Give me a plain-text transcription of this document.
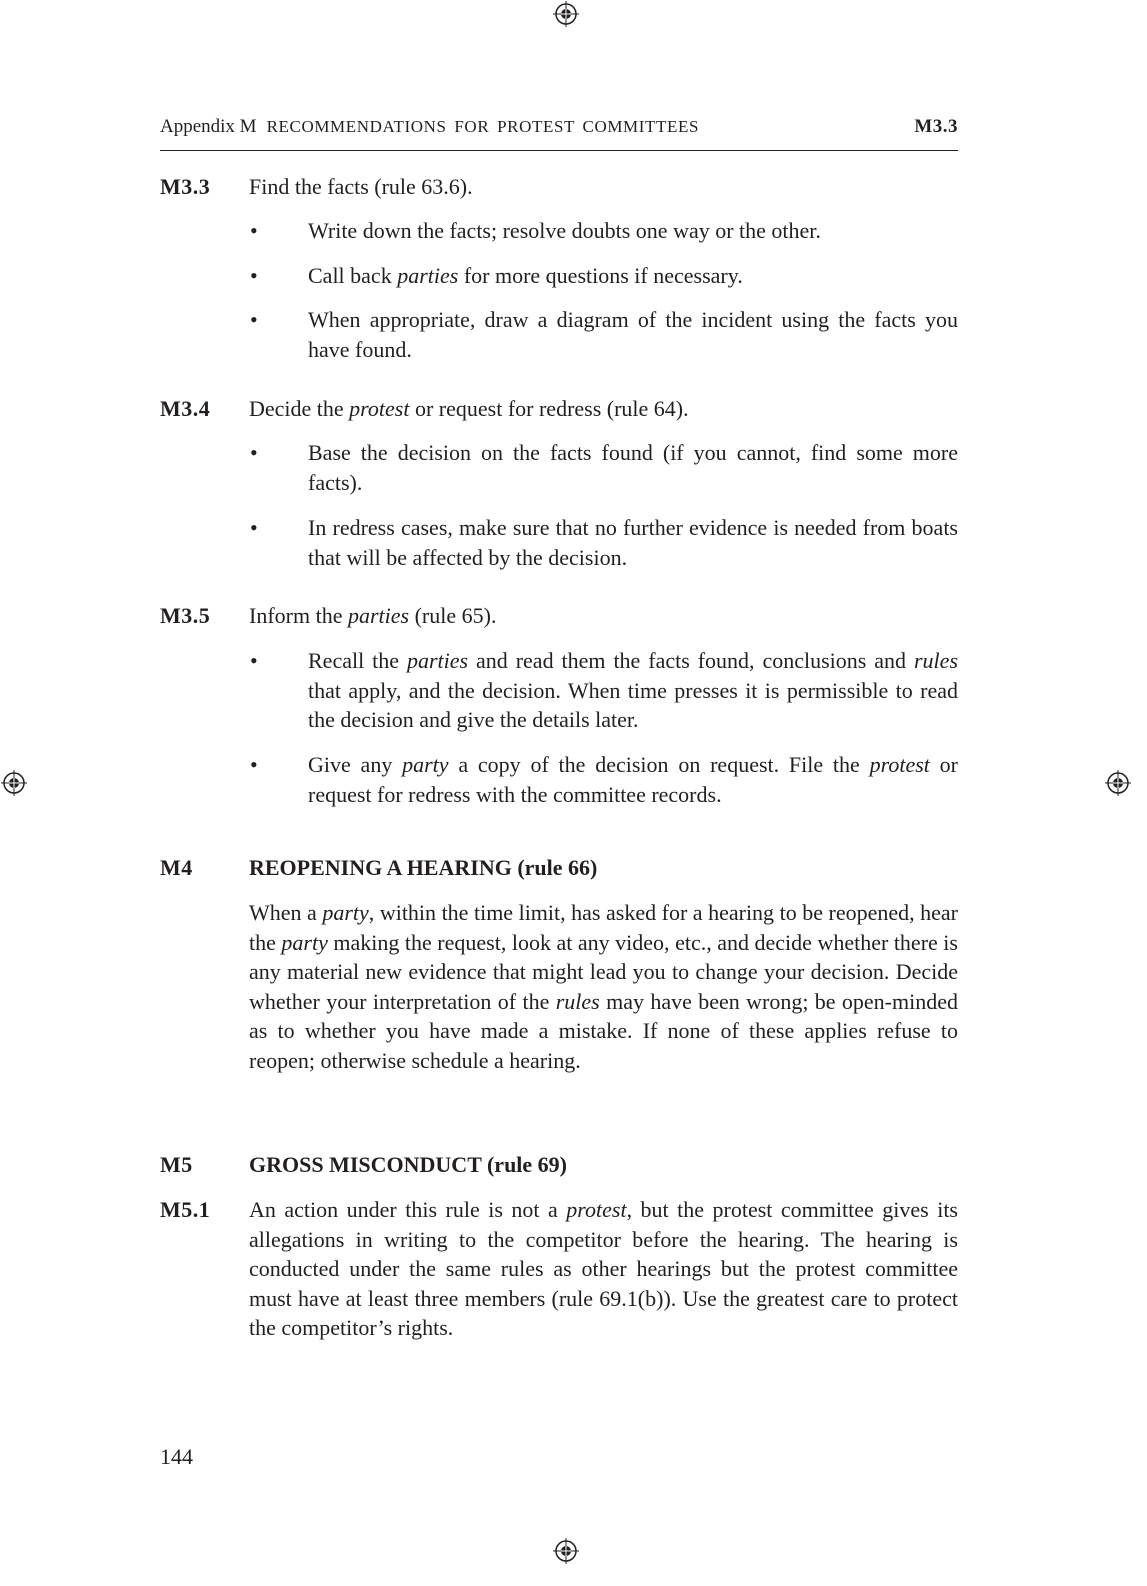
Appendix M RECOMMENDATIONS FOR PROTEST COMMITTEES	M3.3
M3.3 Find the facts (rule 63.6).
• Write down the facts; resolve doubts one way or the other.
• Call back parties for more questions if necessary.
• When appropriate, draw a diagram of the incident using the facts you have found.
M3.4 Decide the protest or request for redress (rule 64).
• Base the decision on the facts found (if you cannot, find some more facts).
• In redress cases, make sure that no further evidence is needed from boats that will be affected by the decision.
M3.5 Inform the parties (rule 65).
• Recall the parties and read them the facts found, conclusions and rules that apply, and the decision. When time presses it is permissible to read the decision and give the details later.
• Give any party a copy of the decision on request. File the protest or request for redress with the committee records.
M4	REOPENING A HEARING (rule 66)
When a party, within the time limit, has asked for a hearing to be reopened, hear the party making the request, look at any video, etc., and decide whether there is any material new evidence that might lead you to change your decision. Decide whether your interpretation of the rules may have been wrong; be open-minded as to whether you have made a mistake. If none of these applies refuse to reopen; otherwise schedule a hearing.
M5	GROSS MISCONDUCT (rule 69)
M5.1 An action under this rule is not a protest, but the protest committee gives its allegations in writing to the competitor before the hearing. The hearing is conducted under the same rules as other hearings but the protest committee must have at least three members (rule 69.1(b)). Use the greatest care to protect the competitor’s rights.
144
